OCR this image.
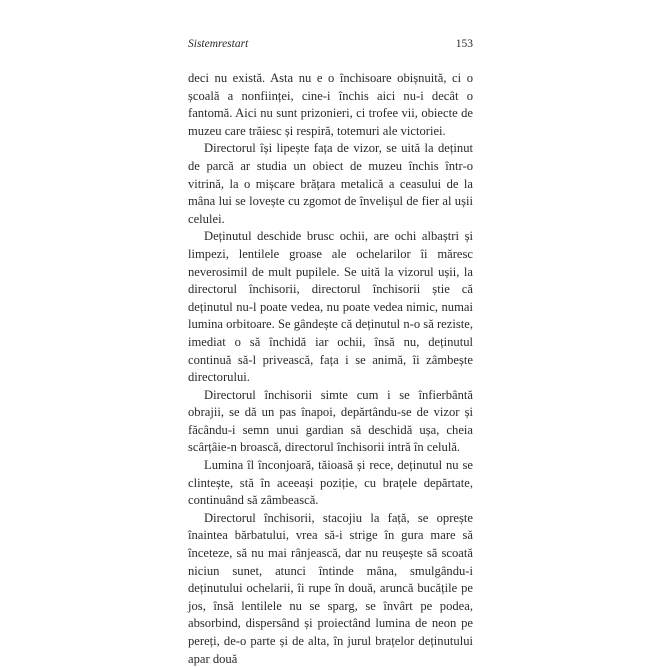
Sistemrestart	153

deci nu există. Asta nu e o închisoare obișnuită, ci o școală a nonființei, cine-i închis aici nu-i decât o fantomă. Aici nu sunt prizonieri, ci trofee vii, obiecte de muzeu care trăiesc și respiră, totemuri ale victoriei.

Directorul își lipește fața de vizor, se uită la deținut de parcă ar studia un obiect de muzeu închis într-o vitrină, la o mișcare brățara metalică a ceasului de la mâna lui se lovește cu zgomot de învelișul de fier al ușii celulei.

Deținutul deschide brusc ochii, are ochi albaștri și limpezi, lentilele groase ale ochelarilor îi măresc neverosimil de mult pupilele. Se uită la vizorul ușii, la directorul închisorii, directorul închisorii știe că deținutul nu-l poate vedea, nu poate vedea nimic, numai lumina orbitoare. Se gândește că deținutul n-o să reziste, imediat o să închidă iar ochii, însă nu, deținutul continuă să-l privească, fața i se animă, îi zâmbește directorului.

Directorul închisorii simte cum i se înfierbântă obrajii, se dă un pas înapoi, depărtându-se de vizor și făcându-i semn unui gardian să deschidă ușa, cheia scârțâie-n broască, directorul închisorii intră în celulă.

Lumina îl înconjoară, tăioasă și rece, deținutul nu se clintește, stă în aceeași poziție, cu brațele depărtate, continuând să zâmbească.

Directorul închisorii, stacojiu la față, se oprește înaintea bărbatului, vrea să-i strige în gura mare să înceteze, să nu mai rânjească, dar nu reușește să scoată niciun sunet, atunci întinde mâna, smulgându-i deținutului ochelarii, îi rupe în două, aruncă bucățile pe jos, însă lentilele nu se sparg, se învârt pe podea, absorbind, dispersând și proiectând lumina de neon pe pereți, de-o parte și de alta, în jurul brațelor deținutului apar două
